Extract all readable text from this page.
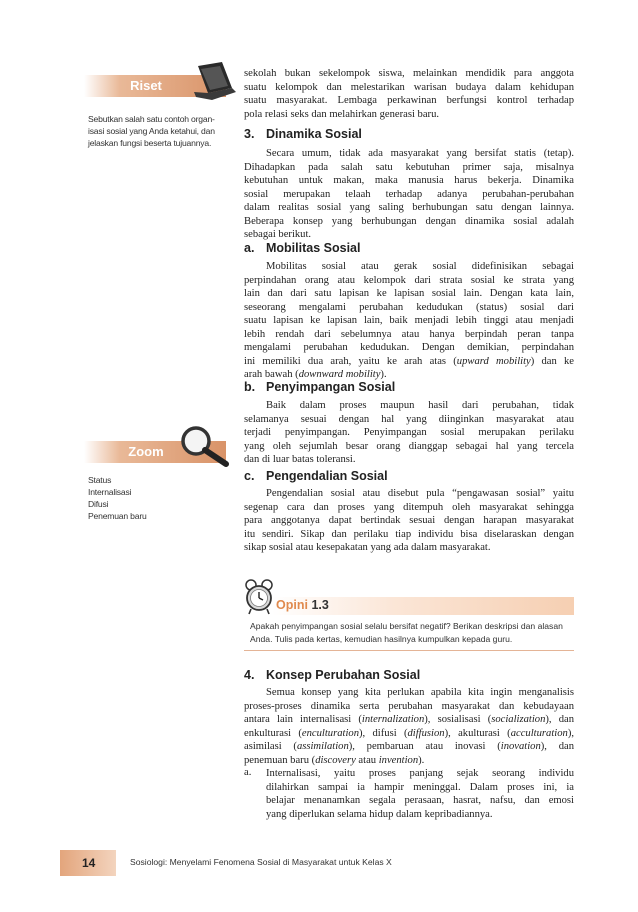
Riset
Sebutkan salah satu contoh organ-
isasi sosial yang Anda ketahui, dan
jelaskan fungsi beserta tujuannya.
Zoom
Status
Internalisasi
Difusi
Penemuan baru
sekolah bukan sekelompok siswa, melainkan mendidik para anggota
suatu kelompok dan melestarikan warisan budaya dalam kehidupan
suatu masyarakat. Lembaga perkawinan berfungsi kontrol terhadap
pola relasi seks dan melahirkan generasi baru.
3. Dinamika Sosial
Secara umum, tidak ada masyarakat yang bersifat statis (tetap).
Dihadapkan pada salah satu kebutuhan primer saja, misalnya
kebutuhan untuk makan, maka manusia harus bekerja. Dinamika
sosial merupakan telaah terhadap adanya perubahan-perubahan
dalam realitas sosial yang saling berhubungan satu dengan lainnya.
Beberapa konsep yang berhubungan dengan dinamika sosial adalah
sebagai berikut.
a. Mobilitas Sosial
Mobilitas sosial atau gerak sosial didefinisikan sebagai
perpindahan orang atau kelompok dari strata sosial ke strata yang
lain dan dari satu lapisan ke lapisan sosial lain. Dengan kata lain,
seseorang mengalami perubahan kedudukan (status) sosial dari
suatu lapisan ke lapisan lain, baik menjadi lebih tinggi atau menjadi
lebih rendah dari sebelumnya atau hanya berpindah peran tanpa
mengalami perubahan kedudukan. Dengan demikian, perpindahan
ini memiliki dua arah, yaitu ke arah atas (upward mobility) dan ke
arah bawah (downward mobility).
b. Penyimpangan Sosial
Baik dalam proses maupun hasil dari perubahan, tidak
selamanya sesuai dengan hal yang diinginkan masyarakat atau
terjadi penyimpangan. Penyimpangan sosial merupakan perilaku
yang oleh sejumlah besar orang dianggap sebagai hal yang tercela
dan di luar batas toleransi.
c. Pengendalian Sosial
Pengendalian sosial atau disebut pula “pengawasan sosial” yaitu
segenap cara dan proses yang ditempuh oleh masyarakat sehingga
para anggotanya dapat bertindak sesuai dengan harapan masyarakat
itu sendiri. Sikap dan perilaku tiap individu bisa diselaraskan dengan
sikap sosial atau kesepakatan yang ada dalam masyarakat.
Opini 1.3
Apakah penyimpangan sosial selalu bersifat negatif? Berikan deskripsi dan alasan
Anda. Tulis pada kertas, kemudian hasilnya kumpulkan kepada guru.
4. Konsep Perubahan Sosial
Semua konsep yang kita perlukan apabila kita ingin menganalisis
proses-proses dinamika serta perubahan masyarakat dan kebudayaan
antara lain internalisasi (internalization), sosialisasi (socialization), dan
enkulturasi (enculturation), difusi (diffusion), akulturasi (acculturation),
asimilasi (assimilation), pembaruan atau inovasi (inovation), dan
penemuan baru (discovery atau invention).
a. Internalisasi, yaitu proses panjang sejak seorang individu
dilahirkan sampai ia hampir meninggal. Dalam proses ini, ia
belajar menanamkan segala perasaan, hasrat, nafsu, dan emosi
yang diperlukan selama hidup dalam kepribadiannya.
14	Sosiologi: Menyelami Fenomena Sosial di Masyarakat untuk Kelas X
